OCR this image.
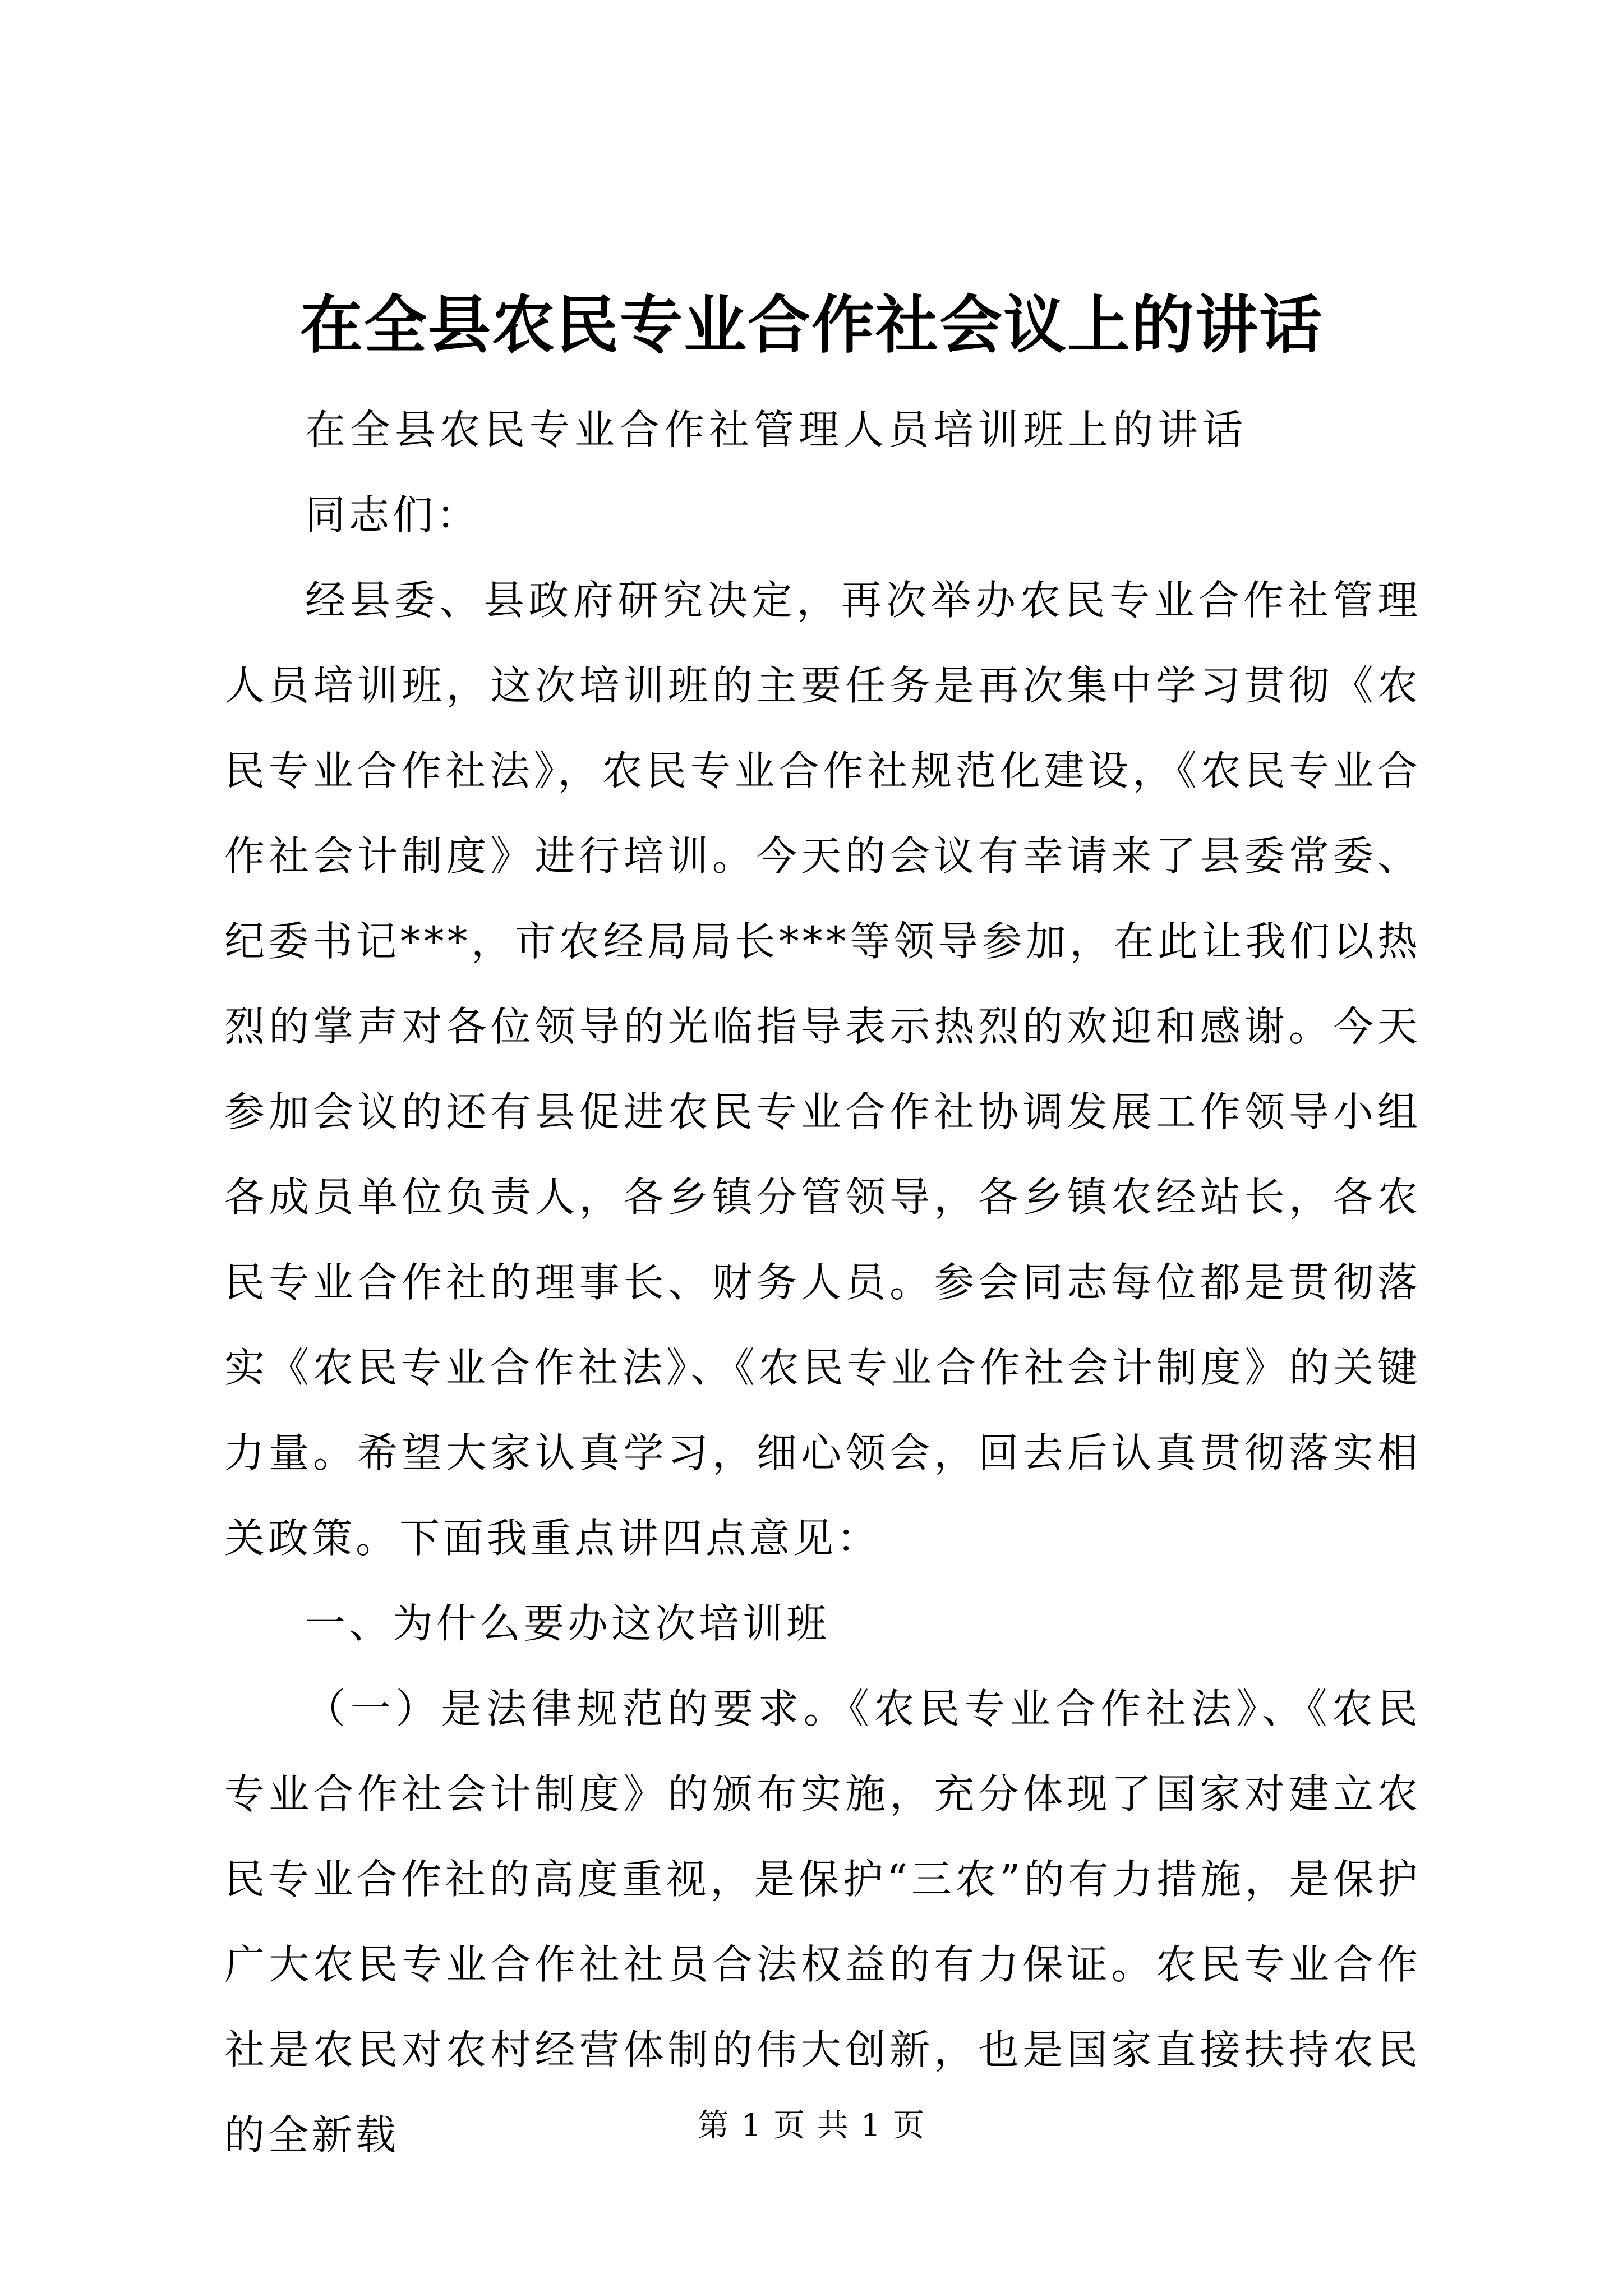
在全县农民专业合作社会议上的讲话

在全县农民专业合作社管理人员培训班上的讲话

同志们：

经县委、县政府研究决定，再次举办农民专业合作社管理人员培训班，这次培训班的主要任务是再次集中学习贯彻《农民专业合作社法》，农民专业合作社规范化建设，《农民专业合作社会计制度》进行培训。今天的会议有幸请来了县委常委、纪委书记***，市农经局局长***等领导参加，在此让我们以热烈的掌声对各位领导的光临指导表示热烈的欢迎和感谢。今天参加会议的还有县促进农民专业合作社协调发展工作领导小组各成员单位负责人，各乡镇分管领导，各乡镇农经站长，各农民专业合作社的理事长、财务人员。参会同志每位都是贯彻落实《农民专业合作社法》、《农民专业合作社会计制度》的关键力量。希望大家认真学习，细心领会，回去后认真贯彻落实相关政策。下面我重点讲四点意见：

一、为什么要办这次培训班

（一）是法律规范的要求。《农民专业合作社法》、《农民专业合作社会计制度》的颁布实施，充分体现了国家对建立农民专业合作社的高度重视，是保护“三农”的有力措施，是保护广大农民专业合作社社员合法权益的有力保证。农民专业合作社是农民对农村经营体制的伟大创新，也是国家直接扶持农民的全新载	第 1 页 共 1 页
